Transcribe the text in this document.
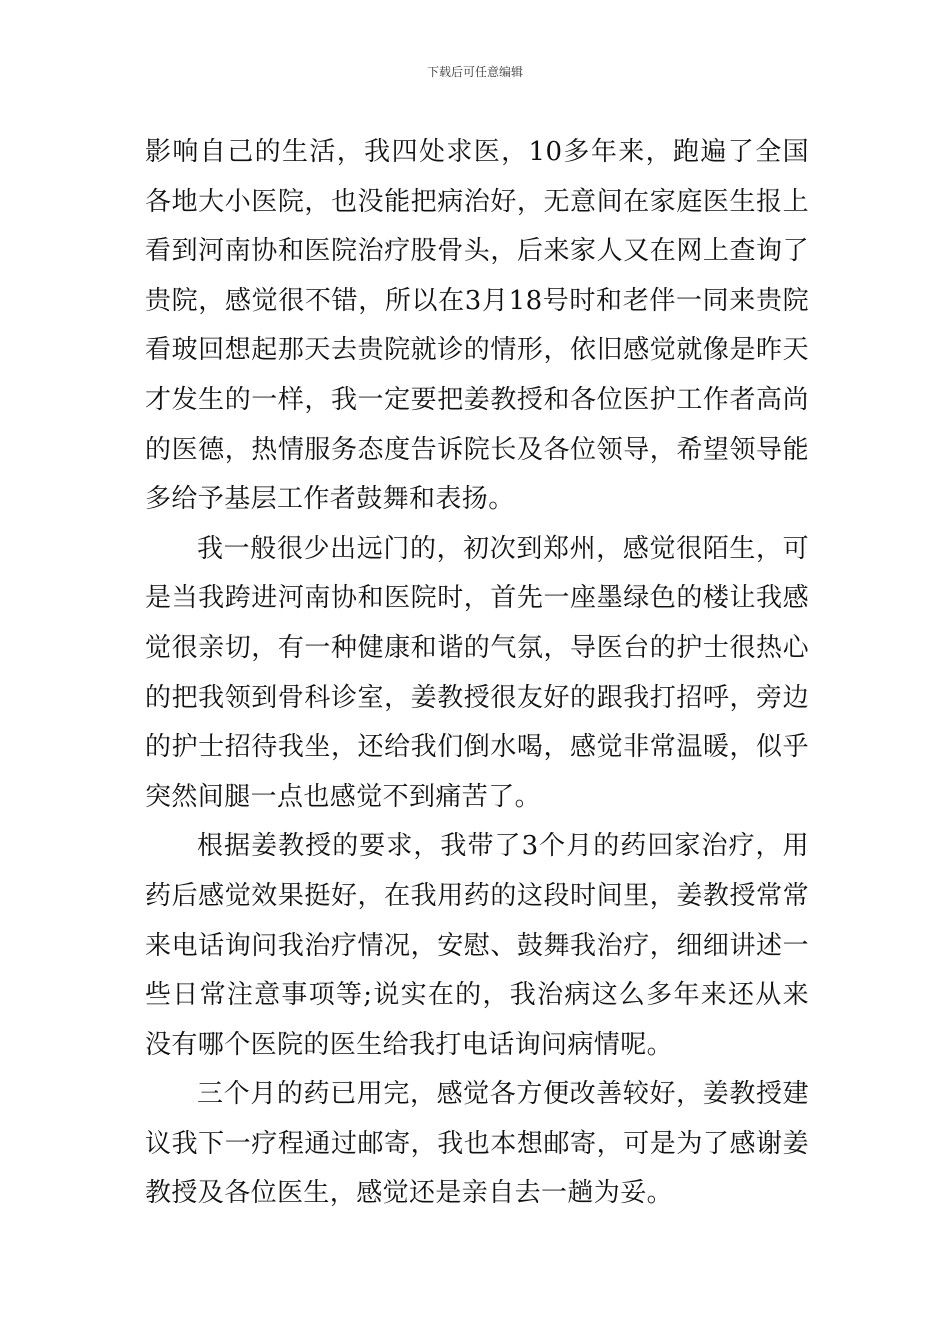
下载后可任意编辑

影响自己的生活，我四处求医，10多年来，跑遍了全国各地大小医院，也没能把病治好，无意间在家庭医生报上看到河南协和医院治疗股骨头，后来家人又在网上查询了贵院，感觉很不错，所以在3月18号时和老伴一同来贵院看玻回想起那天去贵院就诊的情形，依旧感觉就像是昨天才发生的一样，我一定要把姜教授和各位医护工作者高尚的医德，热情服务态度告诉院长及各位领导，希望领导能多给予基层工作者鼓舞和表扬。

我一般很少出远门的，初次到郑州，感觉很陌生，可是当我跨进河南协和医院时，首先一座墨绿色的楼让我感觉很亲切，有一种健康和谐的气氛，导医台的护士很热心的把我领到骨科诊室，姜教授很友好的跟我打招呼，旁边的护士招待我坐，还给我们倒水喝，感觉非常温暖，似乎突然间腿一点也感觉不到痛苦了。

根据姜教授的要求，我带了3个月的药回家治疗，用药后感觉效果挺好，在我用药的这段时间里，姜教授常常来电话询问我治疗情况，安慰、鼓舞我治疗，细细讲述一些日常注意事项等;说实在的，我治病这么多年来还从来没有哪个医院的医生给我打电话询问病情呢。

三个月的药已用完，感觉各方便改善较好，姜教授建议我下一疗程通过邮寄，我也本想邮寄，可是为了感谢姜教授及各位医生，感觉还是亲自去一趟为妥。
